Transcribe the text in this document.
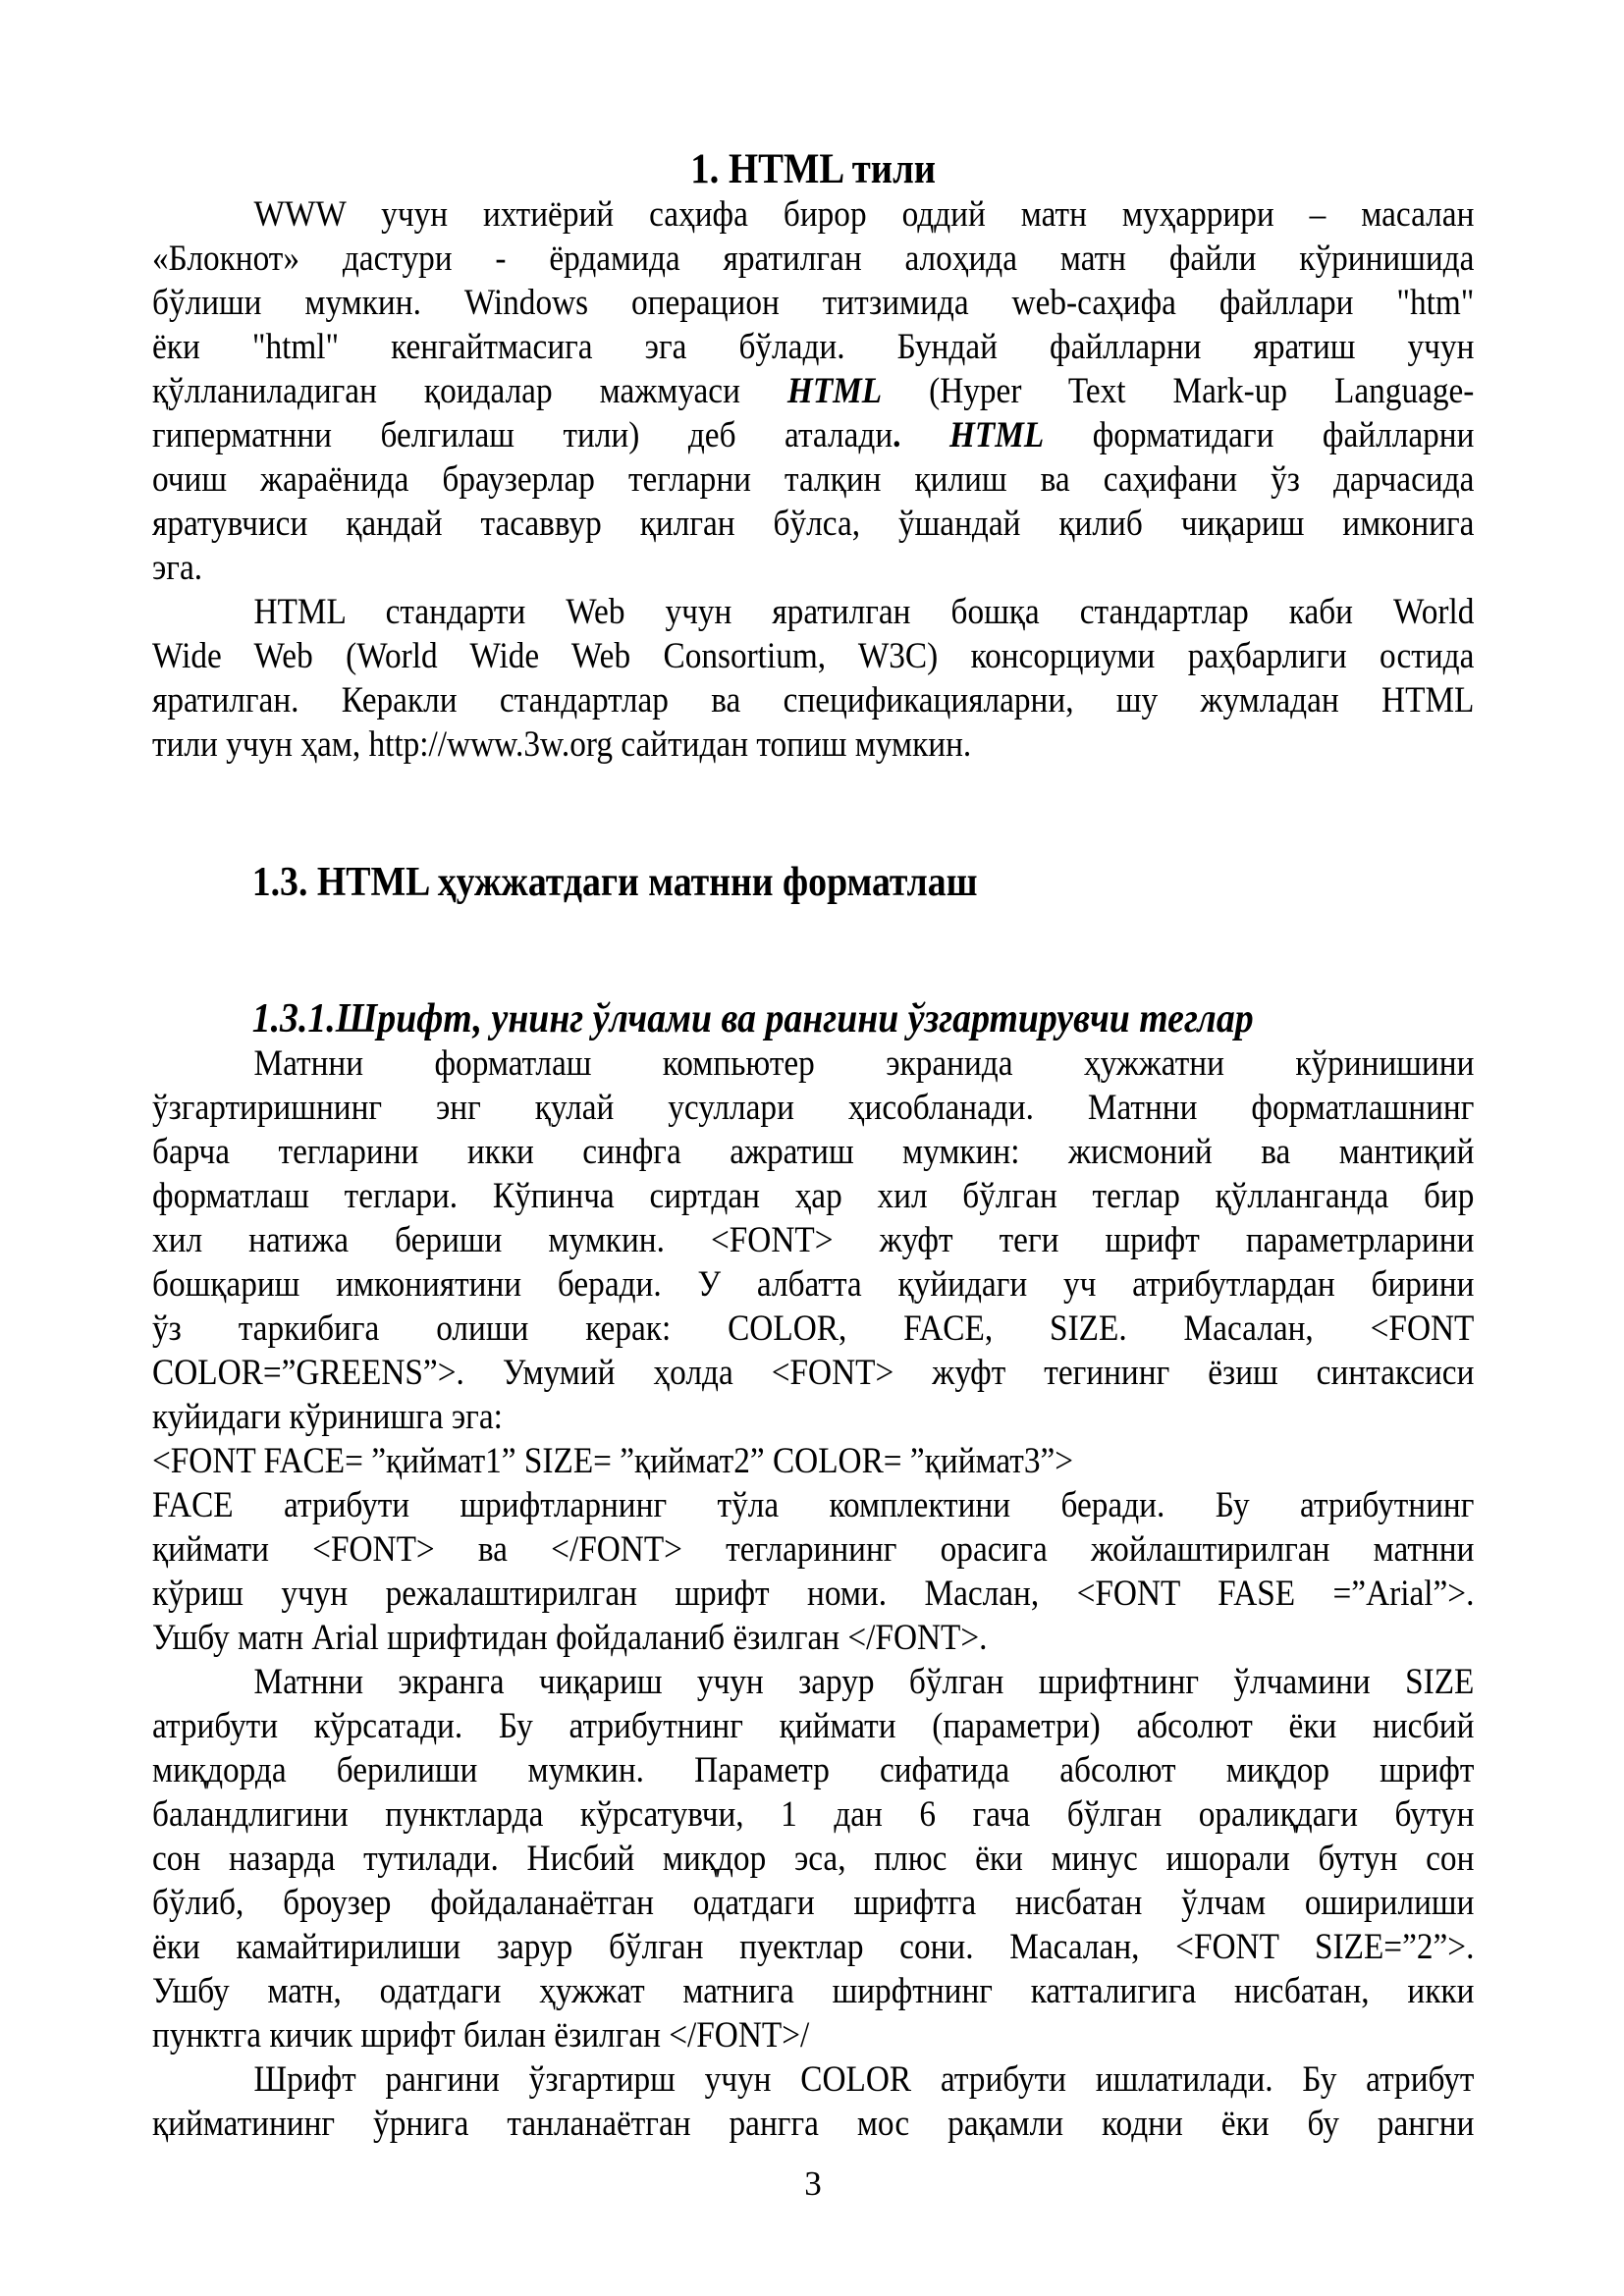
1. HTML тили
WWW учун ихтиёрий саҳифа бирор оддий матн муҳаррири – масалан
«Блокнот» дастури - ёрдамида яратилган алоҳида матн файли кўринишида
бўлиши мумкин. Windows операцион титзимида web-саҳифа файллари "htm"
ёки "html" кенгайтмасига эга бўлади. Бундай файлларни яратиш учун
қўлланиладиган қоидалар мажмуаси HTML (Hyper Text Mark-up Language-
гиперматнни белгилаш тили) деб аталади. HTML форматидаги файлларни
очиш жараёнида браузерлар тегларни талқин қилиш ва саҳифани ўз дарчасида
яратувчиси қандай тасаввур қилган бўлса, ўшандай қилиб чиқариш имконига
эга.
HTML стандарти Web учун яратилган бошқа стандартлар каби World
Wide Web (World Wide Web Consortium, W3C) консорциуми раҳбарлиги остида
яратилган. Керакли стандартлар ва спецификацияларни, шу жумладан HTML
тили учун ҳам, http://www.3w.org сайтидан топиш мумкин.
1.3. HTML ҳужжатдаги матнни форматлаш
1.3.1.Шрифт, унинг ўлчами ва рангини ўзгартирувчи теглар
Матнни форматлаш компьютер экранида ҳужжатни кўринишини
ўзгартиришнинг энг қулай усуллари ҳисобланади. Матнни форматлашнинг
барча тегларини икки синфга ажратиш мумкин: жисмоний ва мантиқий
форматлаш теглари. Кўпинча сиртдан ҳар хил бўлган теглар қўлланганда бир
хил натижа бериши мумкин. <FONT> жуфт теги шрифт параметрларини
бошқариш имкониятини беради. У албатта қуйидаги уч атрибутлардан бирини
ўз таркибига олиши керак: COLOR, FACE, SIZE. Масалан, <FONT
COLOR=”GREENS”>. Умумий ҳолда <FONT> жуфт тегининг ёзиш синтаксиси
куйидаги кўринишга эга:
<FONT FACE= ”қиймат1” SIZE= ”қиймат2” COLOR= ”қиймат3”>
FACE атрибути шрифтларнинг тўла комплектини беради. Бу атрибутнинг
қиймати <FONT> ва </FONT> тегларининг орасига жойлаштирилган матнни
кўриш учун режалаштирилган шрифт номи. Маслан, <FONT FASE =”Arial”>.
Ушбу матн Arial шрифтидан фойдаланиб ёзилган </FONT>.
Матнни экранга чиқариш учун зарур бўлган шрифтнинг ўлчамини SIZE
атрибути кўрсатади. Бу атрибутнинг қиймати (параметри) абсолют ёки нисбий
миқдорда берилиши мумкин. Параметр сифатида абсолют миқдор шрифт
баландлигини пунктларда кўрсатувчи, 1 дан 6 гача бўлган оралиқдаги бутун
сон назарда тутилади. Нисбий миқдор эса, плюс ёки минус ишорали бутун сон
бўлиб, броузер фойдаланаётган одатдаги шрифтга нисбатан ўлчам оширилиши
ёки камайтирилиши зарур бўлган пуектлар сони. Масалан, <FONT SIZE=”2”>.
Ушбу матн, одатдаги ҳужжат матнига ширфтнинг катталигига нисбатан, икки
пунктга кичик шрифт билан ёзилган </FONT>/
Шрифт рангини ўзгартирш учун COLOR атрибути ишлатилади. Бу атрибут
қийматининг ўрнига танланаётган рангга мос рақамли кодни ёки бу рангни
3
